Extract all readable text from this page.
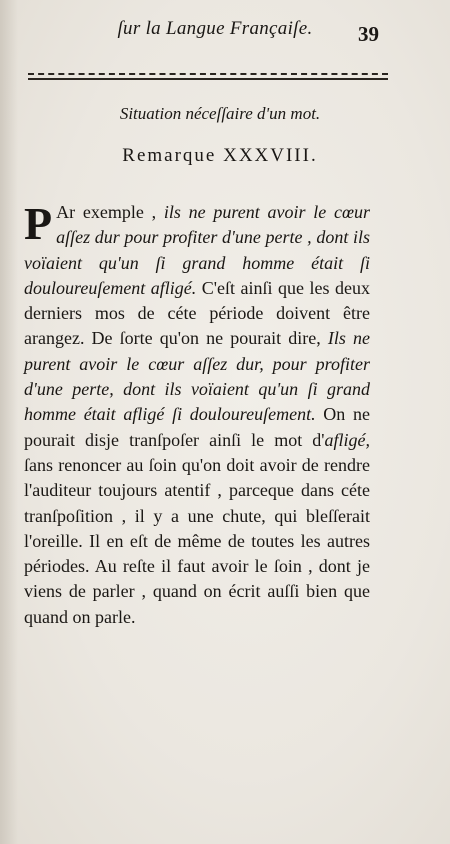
ſur la Langue Françaiſe.	39
Situation néceſſaire d'un mot.
Remarque XXXVIII.

P Ar exemple , ils ne purent avoir le cœur aſſez dur pour profiter d'une perte , dont ils voïaient qu'un ſi grand homme était ſi douloureuſement afligé. C'eſt ainſi que les deux derniers mos de céte période doivent être arangez. De ſorte qu'on ne pourait dire, Ils ne purent avoir le cœur aſſez dur, pour profiter d'une perte, dont ils voïaient qu'un ſi grand homme était afligé ſi douloureuſement. On ne pourait disje tranſpoſer ainſi le mot d'afligé, ſans renoncer au ſoin qu'on doit avoir de rendre l'auditeur toujours atentif , parceque dans céte tranſpoſition , il y a une chute, qui bleſſerait l'oreille. Il en eſt de même de toutes les autres périodes. Au reſte il faut avoir le ſoin , dont je viens de parler , quand on écrit auſſi bien que quand on parle.
